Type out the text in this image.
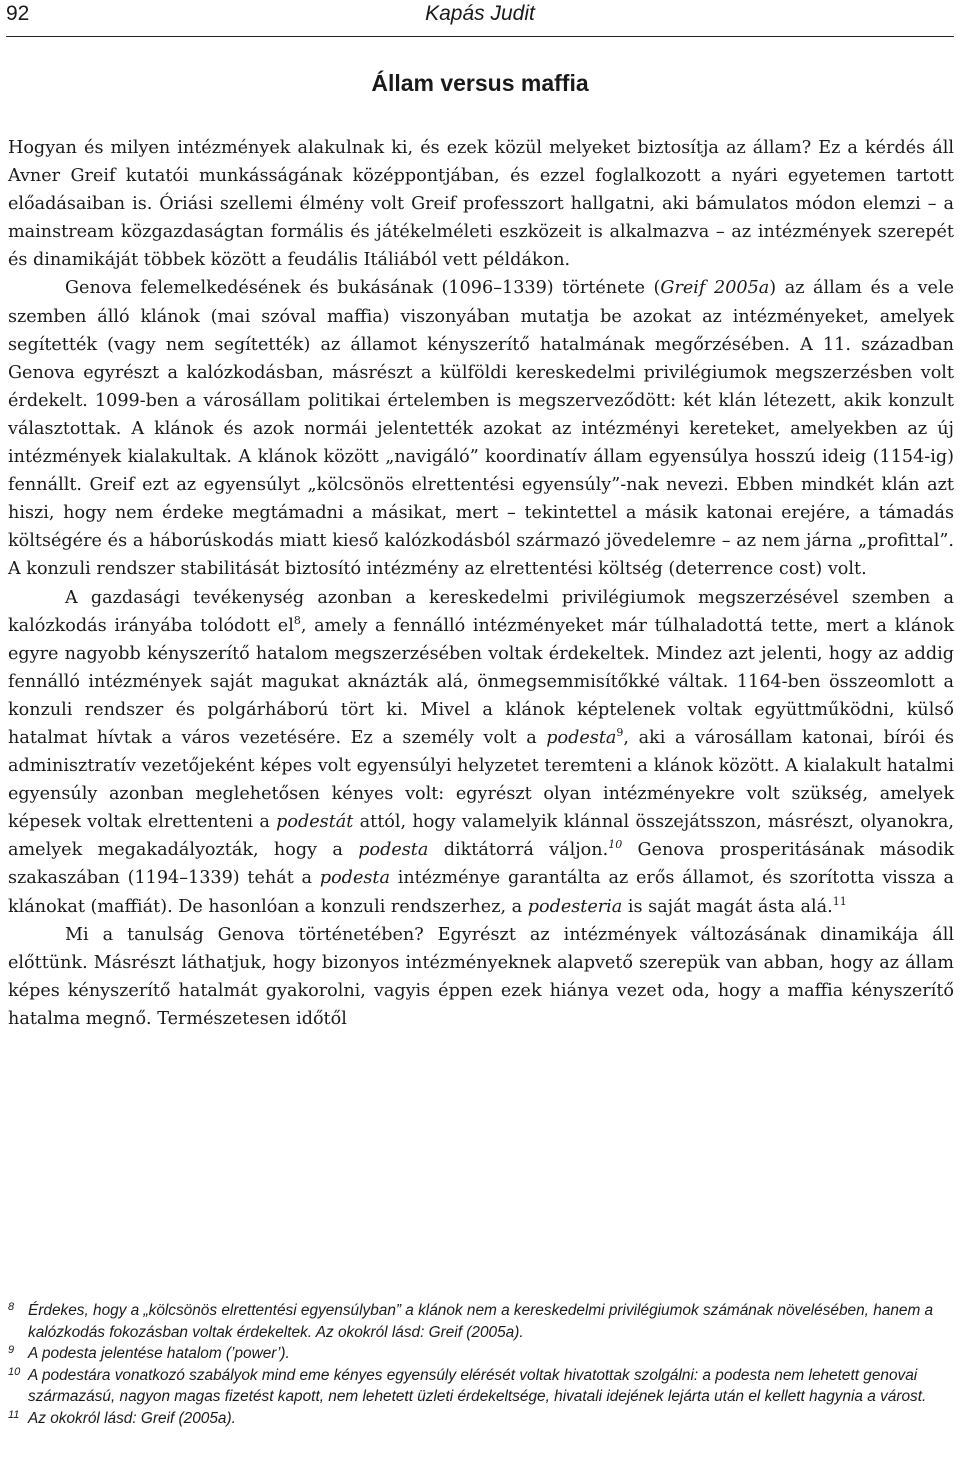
92	Kapás Judit
Állam versus maffia

Hogyan és milyen intézmények alakulnak ki, és ezek közül melyeket biztosítja az állam? Ez a kérdés áll Avner Greif kutatói munkásságának középpontjában, és ezzel foglalkozott a nyári egyetemen tartott előadásaiban is. Óriási szellemi élmény volt Greif professzort hallgatni, aki bámulatos módon elemzi – a mainstream közgazdaságtan formális és játékelméleti eszközeit is alkalmazva – az intézmények szerepét és dinamikáját többek között a feudális Itáliából vett példákon.

Genova felemelkedésének és bukásának (1096–1339) története (Greif 2005a) az állam és a vele szemben álló klánok (mai szóval maffia) viszonyában mutatja be azokat az intézményeket, amelyek segítették (vagy nem segítették) az államot kényszerítő hatalmának megőrzésében. A 11. században Genova egyrészt a kalózkodásban, másrészt a külföldi kereskedelmi privilégiumok megszerzésben volt érdekelt. 1099-ben a városállam politikai értelemben is megszerveződött: két klán létezett, akik konzult választottak. A klánok és azok normái jelentették azokat az intézményi kereteket, amelyekben az új intézmények kialakultak. A klánok között „navigáló” koordinatív állam egyensúlya hosszú ideig (1154-ig) fennállt. Greif ezt az egyensúlyt „kölcsönös elrettentési egyensúly”-nak nevezi. Ebben mindkét klán azt hiszi, hogy nem érdeke megtámadni a másikat, mert – tekintettel a másik katonai erejére, a támadás költségére és a háborúskodás miatt kieső kalózkodásból származó jövedelemre – az nem járna „profittal”. A konzuli rendszer stabilitását biztosító intézmény az elrettentési költség (deterrence cost) volt.

A gazdasági tevékenység azonban a kereskedelmi privilégiumok megszerzésével szemben a kalózkodás irányába tolódott $el^8$, amely a fennálló intézményeket már túlhaladottá tette, mert a klánok egyre nagyobb kényszerítő hatalom megszerzésében voltak érdekeltek. Mindez azt jelenti, hogy az addig fennálló intézmények saját magukat aknázták alá, önmegsemmisítőkké váltak. 1164-ben összeomlott a konzuli rendszer és polgárháború tört ki. Mivel a klánok képtelenek voltak együttműködni, külső hatalmat hívtak a város vezetésére. Ez a személy volt a podesta$^9$, aki a városállam katonai, bírói és adminisztratív vezetőjeként képes volt egyensúlyi helyzetet teremteni a klánok között. A kialakult hatalmi egyensúly azonban meglehetősen kényes volt: egyrészt olyan intézményekre volt szükség, amelyek képesek voltak elrettenteni a podestát attól, hogy valamelyik klánnal összejátsszon, másrészt, olyanokra, amelyek megakadályozták, hogy a podesta diktátorrá váljon.$^{10}$ Genova prosperitásának második szakaszában (1194–1339) tehát a podesta intézménye garantálta az erős államot, és szorította vissza a klánokat (maffiát). De hasonlóan a konzuli rendszerhez, a podesteria is saját magát ásta alá.$^{11}$

Mi a tanulság Genova történetében? Egyrészt az intézmények változásának dinamikája áll előttünk. Másrészt láthatjuk, hogy bizonyos intézményeknek alapvető szerepük van abban, hogy az állam képes kényszerítő hatalmát gyakorolni, vagyis éppen ezek hiánya vezet oda, hogy a maffia kényszerítő hatalma megnő. Természetesen időtől

8 Érdekes, hogy a „kölcsönös elrettentési egyensúlyban” a klánok nem a kereskedelmi privilégiumok számának növelésében, hanem a kalózkodás fokozásban voltak érdekeltek. Az okokról lásd: Greif (2005a).

9 A podesta jelentése hatalom (’power’).

10 A podestára vonatkozó szabályok mind eme kényes egyensúly elérését voltak hivatottak szolgálni: a podesta nem lehetett genovai származású, nagyon magas fizetést kapott, nem lehetett üzleti érdekeltsége, hivatali idejének lejárta után el kellett hagynia a várost.

11 Az okokról lásd: Greif (2005a).
